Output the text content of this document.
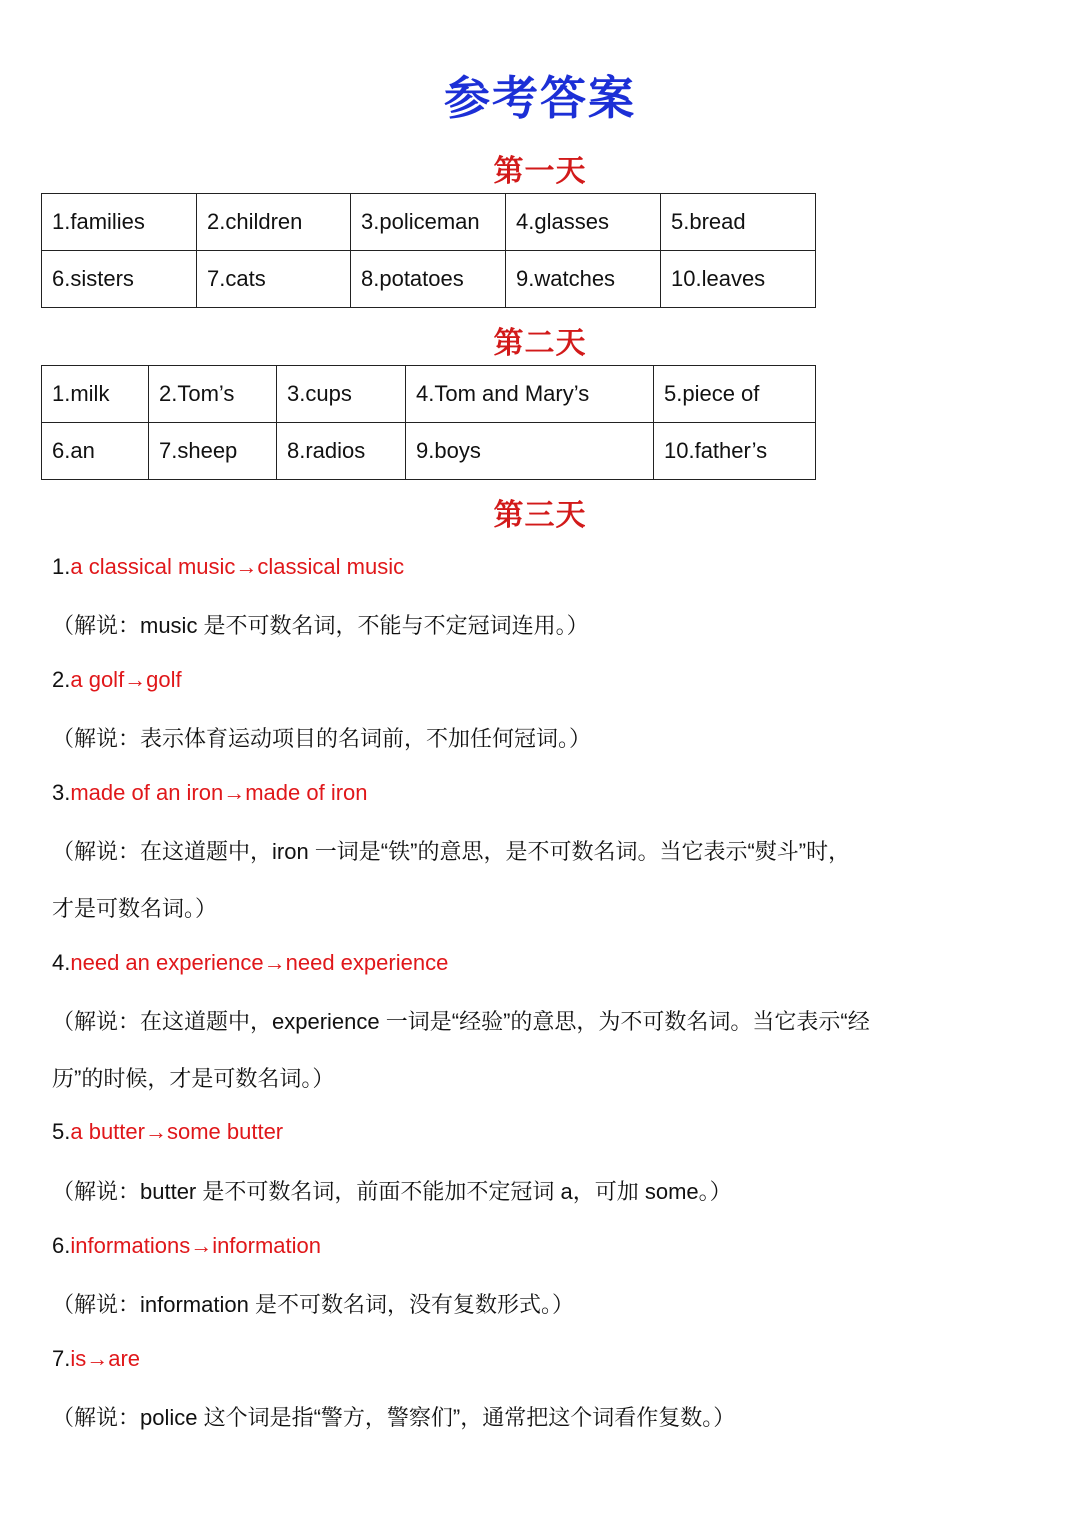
参考答案
第一天
1.families	2.children	3.policeman	4.glasses	5.bread
6.sisters	7.cats	8.potatoes	9.watches	10.leaves
第二天
1.milk	2.Tom’s	3.cups	4.Tom and Mary’s	5.piece of
6.an	7.sheep	8.radios	9.boys	10.father’s
第三天
1.a classical music→classical music
（解说：music 是不可数名词，不能与不定冠词连用。）
2.a golf→golf
（解说：表示体育运动项目的名词前，不加任何冠词。）
3.made of an iron→made of iron
（解说：在这道题中，iron 一词是“铁”的意思，是不可数名词。当它表示“熨斗”时，
才是可数名词。）
4.need an experience→need experience
（解说：在这道题中，experience 一词是“经验”的意思，为不可数名词。当它表示“经
历”的时候，才是可数名词。）
5.a butter→some butter
（解说：butter 是不可数名词，前面不能加不定冠词 a，可加 some。）
6.informations→information
（解说：information 是不可数名词，没有复数形式。）
7.is→are
（解说：police 这个词是指“警方，警察们”，通常把这个词看作复数。）
